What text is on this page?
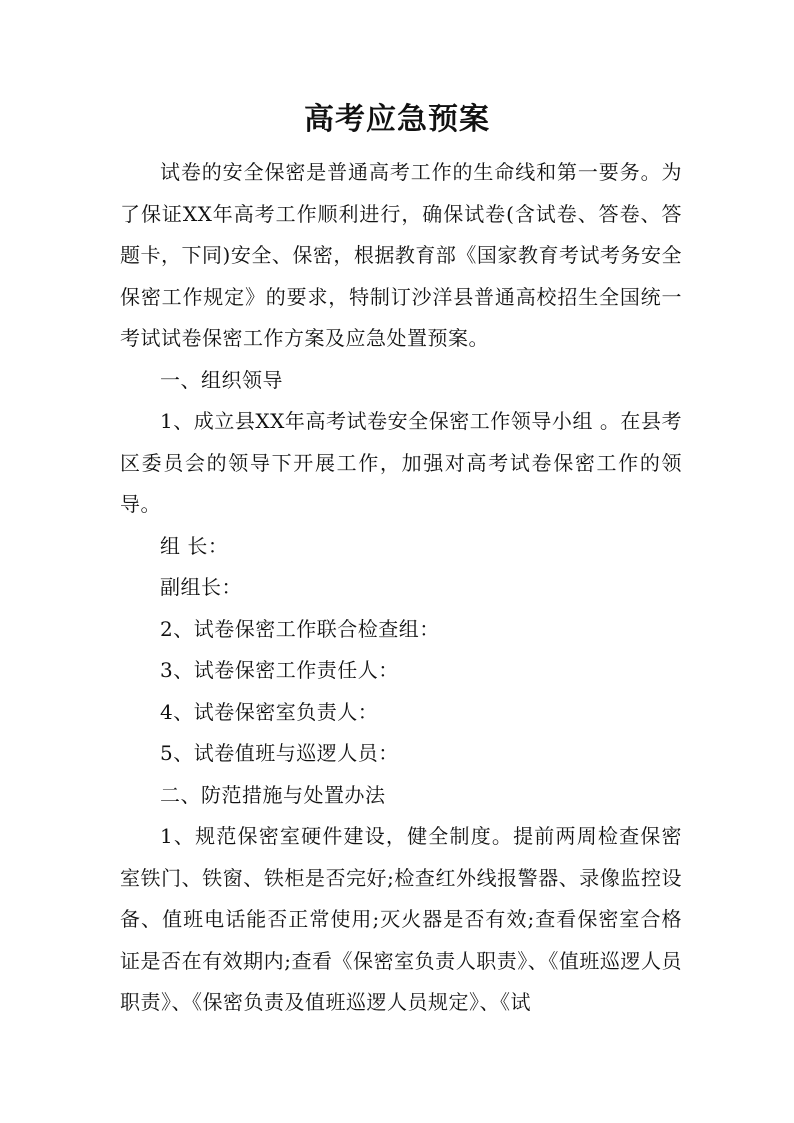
高考应急预案

试卷的安全保密是普通高考工作的生命线和第一要务。为了保证XX年高考工作顺利进行，确保试卷(含试卷、答卷、答题卡，下同)安全、保密，根据教育部《国家教育考试考务安全保密工作规定》的要求，特制订沙洋县普通高校招生全国统一考试试卷保密工作方案及应急处置预案。

一、组织领导

1、成立县XX年高考试卷安全保密工作领导小组 。在县考区委员会的领导下开展工作，加强对高考试卷保密工作的领导。

组 长：

副组长：

2、试卷保密工作联合检查组：

3、试卷保密工作责任人：

4、试卷保密室负责人：

5、试卷值班与巡逻人员：

二、防范措施与处置办法

1、规范保密室硬件建设，健全制度。提前两周检查保密室铁门、铁窗、铁柜是否完好;检查红外线报警器、录像监控设备、值班电话能否正常使用;灭火器是否有效;查看保密室合格证是否在有效期内;查看《保密室负责人职责》、《值班巡逻人员职责》、《保密负责及值班巡逻人员规定》、《试
